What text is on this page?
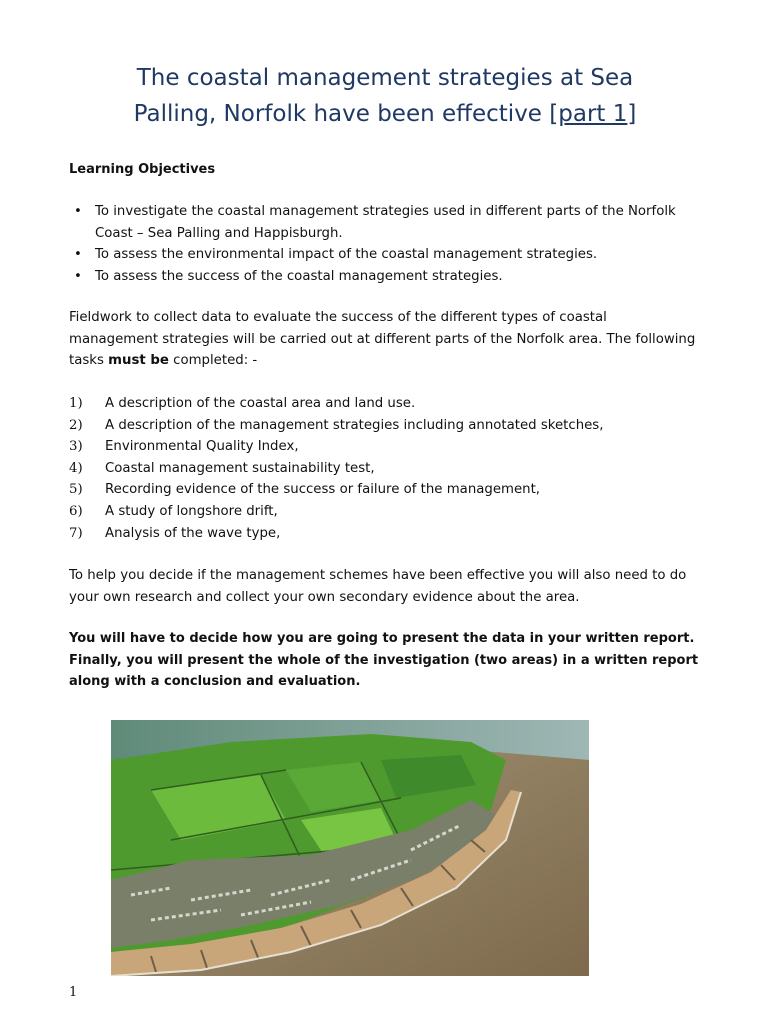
The coastal management strategies at Sea
Palling, Norfolk have been effective [part 1]
Learning Objectives
• To investigate the coastal management strategies used in different parts of the Norfolk Coast – Sea Palling and Happisburgh.
• To assess the environmental impact of the coastal management strategies.
• To assess the success of the coastal management strategies.

Fieldwork to collect data to evaluate the success of the different types of coastal management strategies will be carried out at different parts of the Norfolk area. The following tasks must be completed: -

1) A description of the coastal area and land use.
2) A description of the management strategies including annotated sketches,
3) Environmental Quality Index,
4) Coastal management sustainability test,
5) Recording evidence of the success or failure of the management,
6) A study of longshore drift,
7) Analysis of the wave type,

To help you decide if the management schemes have been effective you will also need to do your own research and collect your own secondary evidence about the area.

You will have to decide how you are going to present the data in your written report. Finally, you will present the whole of the investigation (two areas) in a written report along with a conclusion and evaluation.

1
